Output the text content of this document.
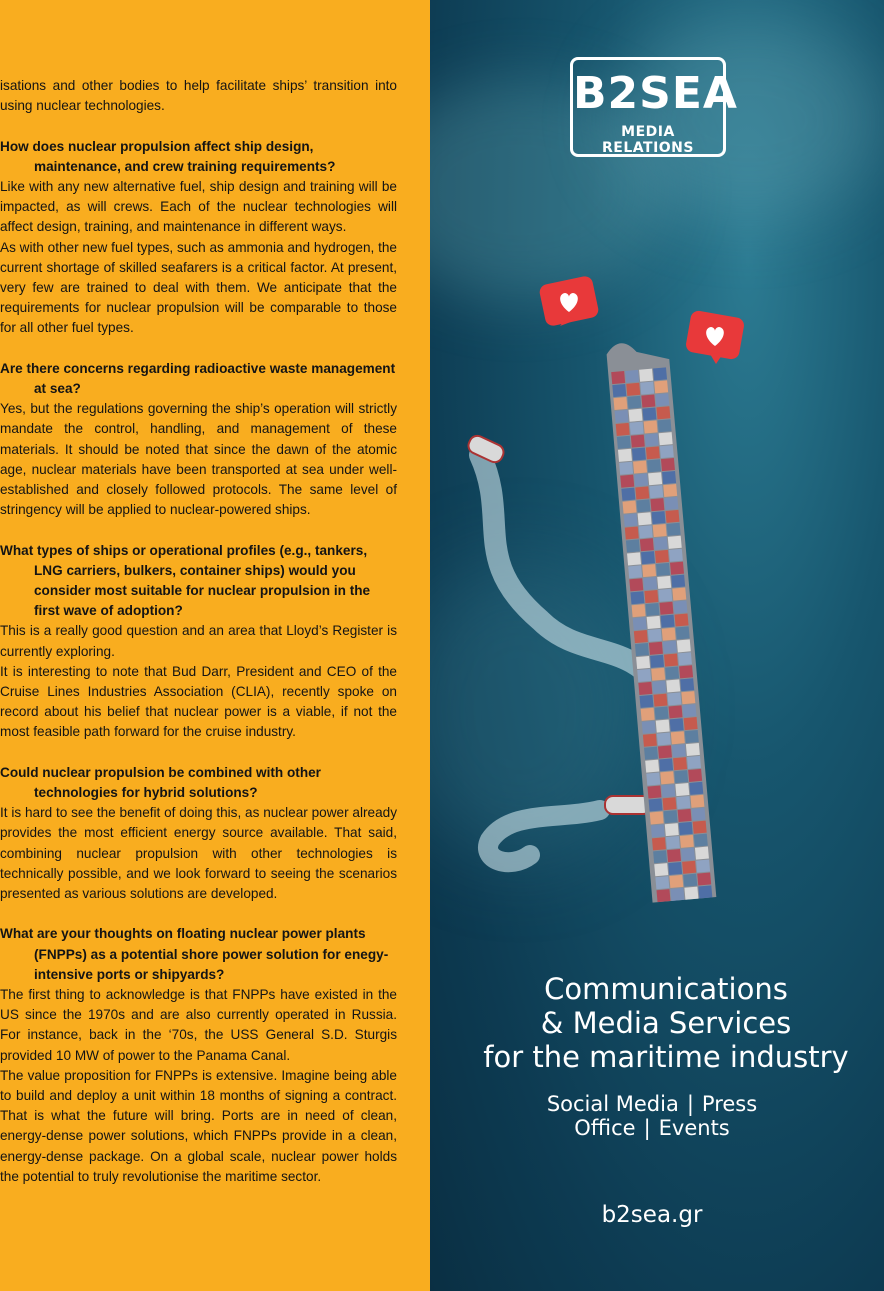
isations and other bodies to help facilitate ships’ transition into using nuclear technologies.

How does nuclear propulsion affect ship design, maintenance, and crew training requirements?

Like with any new alternative fuel, ship design and training will be impacted, as will crews. Each of the nuclear technologies will affect design, training, and maintenance in different ways.

As with other new fuel types, such as ammonia and hydrogen, the current shortage of skilled seafarers is a critical factor. At present, very few are trained to deal with them. We anticipate that the requirements for nuclear propulsion will be comparable to those for all other fuel types.

Are there concerns regarding radioactive waste management at sea?

Yes, but the regulations governing the ship’s operation will strictly mandate the control, handling, and management of these materials. It should be noted that since the dawn of the atomic age, nuclear materials have been transported at sea under well-established and closely followed protocols. The same level of stringency will be applied to nuclear-powered ships.

What types of ships or operational profiles (e.g., tankers, LNG carriers, bulkers, container ships) would you consider most suitable for nuclear propulsion in the first wave of adoption?

This is a really good question and an area that Lloyd’s Register is currently exploring.

It is interesting to note that Bud Darr, President and CEO of the Cruise Lines Industries Association (CLIA), recently spoke on record about his belief that nuclear power is a viable, if not the most feasible path forward for the cruise industry.

Could nuclear propulsion be combined with other technologies for hybrid solutions?

It is hard to see the benefit of doing this, as nuclear power already provides the most efficient energy source available. That said, combining nuclear propulsion with other technologies is technically possible, and we look forward to seeing the scenarios presented as various solutions are developed.

What are your thoughts on floating nuclear power plants (FNPPs) as a potential shore power solution for enegy-intensive ports or shipyards?

The first thing to acknowledge is that FNPPs have existed in the US since the 1970s and are also currently operated in Russia. For instance, back in the ‘70s, the USS General S.D. Sturgis provided 10 MW of power to the Panama Canal.

The value proposition for FNPPs is extensive. Imagine being able to build and deploy a unit within 18 months of signing a contract. That is what the future will bring. Ports are in need of clean, energy-dense power solutions, which FNPPs provide in a clean, energy-dense package. On a global scale, nuclear power holds the potential to truly revolutionise the maritime sector.

B2SEA
MEDIA RELATIONS
Communications
& Media Services
for the maritime industry
Social Media | Press Office | Events
b2sea.gr
